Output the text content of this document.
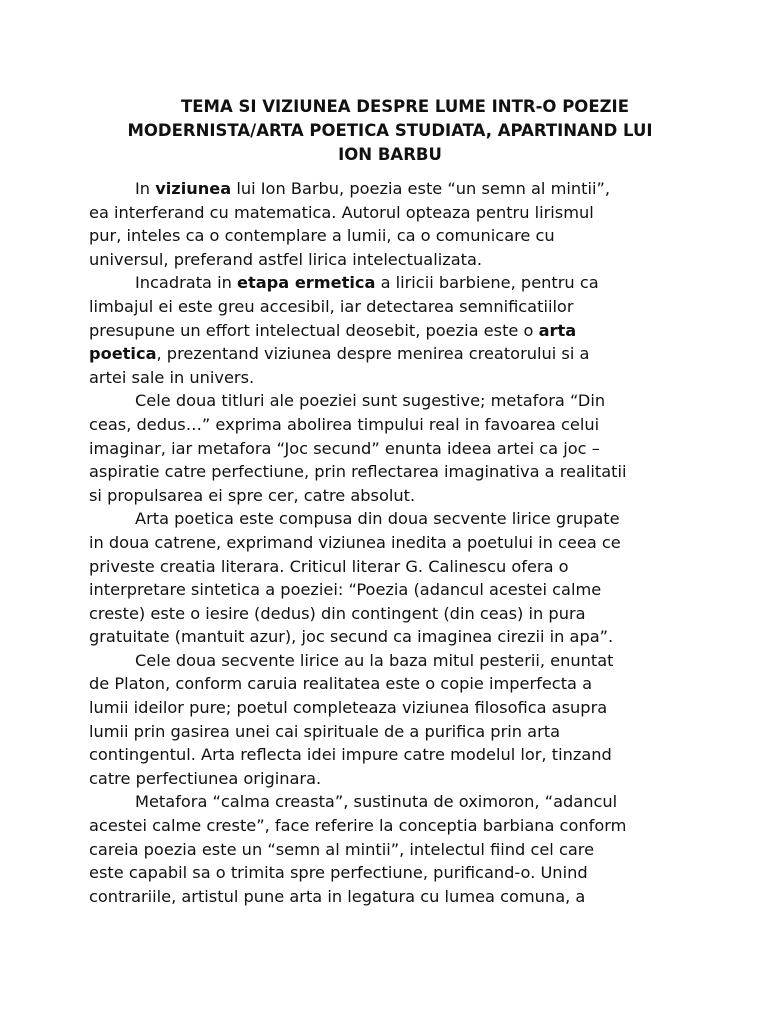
TEMA SI VIZIUNEA DESPRE LUME INTR-O POEZIE
MODERNISTA/ARTA POETICA STUDIATA, APARTINAND LUI
ION BARBU
In viziunea lui Ion Barbu, poezia este “un semn al mintii”,
ea interferand cu matematica. Autorul opteaza pentru lirismul
pur, inteles ca o contemplare a lumii, ca o comunicare cu
universul, preferand astfel lirica intelectualizata.
Incadrata in etapa ermetica a liricii barbiene, pentru ca
limbajul ei este greu accesibil, iar detectarea semnificatiilor
presupune un effort intelectual deosebit, poezia este o arta
poetica, prezentand viziunea despre menirea creatorului si a
artei sale in univers.
Cele doua titluri ale poeziei sunt sugestive; metafora “Din
ceas, dedus…” exprima abolirea timpului real in favoarea celui
imaginar, iar metafora “Joc secund” enunta ideea artei ca joc –
aspiratie catre perfectiune, prin reflectarea imaginativa a realitatii
si propulsarea ei spre cer, catre absolut.
Arta poetica este compusa din doua secvente lirice grupate
in doua catrene, exprimand viziunea inedita a poetului in ceea ce
priveste creatia literara. Criticul literar G. Calinescu ofera o
interpretare sintetica a poeziei: “Poezia (adancul acestei calme
creste) este o iesire (dedus) din contingent (din ceas) in pura
gratuitate (mantuit azur), joc secund ca imaginea cirezii in apa”.
Cele doua secvente lirice au la baza mitul pesterii, enuntat
de Platon, conform caruia realitatea este o copie imperfecta a
lumii ideilor pure; poetul completeaza viziunea filosofica asupra
lumii prin gasirea unei cai spirituale de a purifica prin arta
contingentul. Arta reflecta idei impure catre modelul lor, tinzand
catre perfectiunea originara.
Metafora “calma creasta”, sustinuta de oximoron, “adancul
acestei calme creste”, face referire la conceptia barbiana conform
careia poezia este un “semn al mintii”, intelectul fiind cel care
este capabil sa o trimita spre perfectiune, purificand-o. Unind
contrariile, artistul pune arta in legatura cu lumea comuna, a
